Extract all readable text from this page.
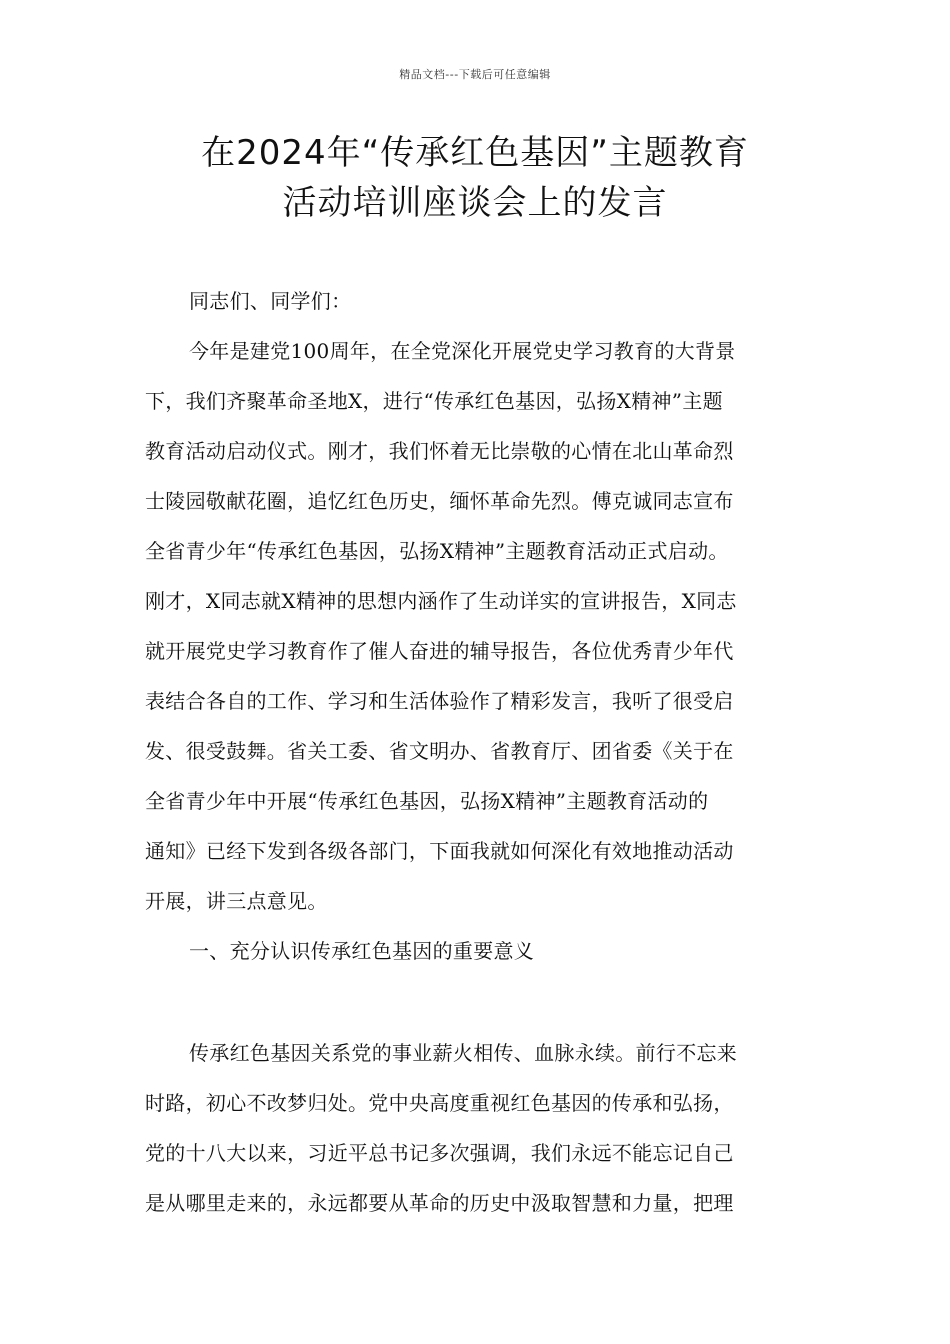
精品文档---下载后可任意编辑
在2024年“传承红色基因”主题教育
活动培训座谈会上的发言
同志们、同学们：
今年是建党100周年，在全党深化开展党史学习教育的大背景
下，我们齐聚革命圣地X，进行“传承红色基因，弘扬X精神”主题
教育活动启动仪式。刚才，我们怀着无比崇敬的心情在北山革命烈
士陵园敬献花圈，追忆红色历史，缅怀革命先烈。傅克诚同志宣布
全省青少年“传承红色基因，弘扬X精神”主题教育活动正式启动。
刚才，X同志就X精神的思想内涵作了生动详实的宣讲报告，X同志
就开展党史学习教育作了催人奋进的辅导报告，各位优秀青少年代
表结合各自的工作、学习和生活体验作了精彩发言，我听了很受启
发、很受鼓舞。省关工委、省文明办、省教育厅、团省委《关于在
全省青少年中开展“传承红色基因，弘扬X精神”主题教育活动的
通知》已经下发到各级各部门，下面我就如何深化有效地推动活动
开展，讲三点意见。
一、充分认识传承红色基因的重要意义
传承红色基因关系党的事业薪火相传、血脉永续。前行不忘来
时路，初心不改梦归处。党中央高度重视红色基因的传承和弘扬，
党的十八大以来，习近平总书记多次强调，我们永远不能忘记自己
是从哪里走来的，永远都要从革命的历史中汲取智慧和力量，把理
